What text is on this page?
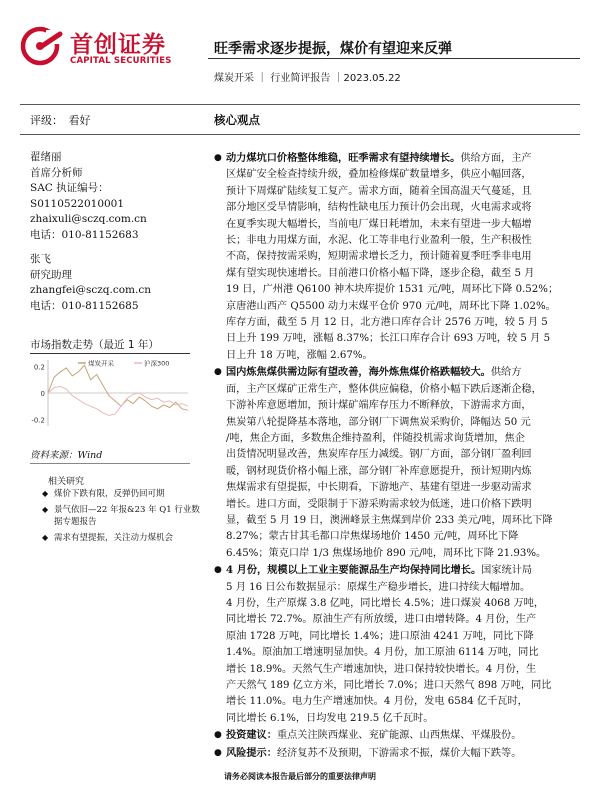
首创证券
CAPITAL SECURITIES
旺季需求逐步提振，煤价有望迎来反弹
煤炭开采 ｜ 行业简评报告 ｜2023.05.22
评级：　看好	核心观点
翟绪丽
首席分析师
SAC 执证编号：
S0110522010001
zhaixuli@sczq.com.cn
电话：010-81152683
张飞
研究助理
zhangfei@sczq.com.cn
电话：010-81152685
市场指数走势（最近 1 年）
0.2
0
-0.2
煤炭开采	沪深300
资料来源：Wind
相关研究
◆ 煤价下跌有限，反弹仍回可期
◆ 景气依旧—22 年报&23 年 Q1 行业数据专题报告
◆ 需求有望提振，关注动力煤机会
● 动力煤坑口价格整体维稳，旺季需求有望持续增长。供给方面，主产
区煤矿安全检查持续升级，叠加检修煤矿数量增多，供应小幅回落，
预计下周煤矿陆续复工复产。需求方面，随着全国高温天气蔓延，且
部分地区受旱情影响，结构性缺电压力预计仍会出现，火电需求或将
在夏季实现大幅增长，当前电厂煤日耗增加，未来有望进一步大幅增
长；非电力用煤方面，水泥、化工等非电行业盈利一般，生产积极性
不高，保持按需采购，短期需求增长乏力，预计随着夏季旺季非电用
煤有望实现快速增长。目前港口价格小幅下降，逐步企稳，截至 5 月
19 日，广州港 Q6100 神木块库提价 1531 元/吨，周环比下降 0.52%；
京唐港山西产 Q5500 动力末煤平仓价 970 元/吨，周环比下降 1.02%。
库存方面，截至 5 月 12 日，北方港口库存合计 2576 万吨，较 5 月 5
日上升 199 万吨，涨幅 8.37%；长江口库存合计 693 万吨，较 5 月 5
日上升 18 万吨，涨幅 2.67%。
● 国内炼焦煤供需边际有望改善，海外炼焦煤价格跌幅较大。供给方
面，主产区煤矿正常生产，整体供应偏稳，价格小幅下跌后逐渐企稳，
下游补库意愿增加，预计煤矿端库存压力不断释放，下游需求方面，
焦炭第八轮提降基本落地，部分钢厂下调焦炭采购价，降幅达 50 元
/吨，焦企方面，多数焦企维持盈利，伴随投机需求询货增加，焦企
出货情况明显改善，焦炭库存压力减缓。钢厂方面，部分钢厂盈利回
暖，钢材现货价格小幅上涨，部分钢厂补库意愿提升，预计短期内炼
焦煤需求有望提振，中长期看，下游地产、基建有望进一步驱动需求
增长。进口方面，受限制于下游采购需求较为低迷，进口价格下跌明
显，截至 5 月 19 日，澳洲峰景主焦煤到岸价 233 美元/吨，周环比下降
8.27%；蒙古甘其毛都口岸焦煤场地价 1450 元/吨，周环比下降
6.45%；策克口岸 1/3 焦煤场地价 890 元/吨，周环比下降 21.93%。
● 4 月份，规模以上工业主要能源品生产均保持同比增长。国家统计局
5 月 16 日公布数据显示：原煤生产稳步增长，进口持续大幅增加。
4 月份，生产原煤 3.8 亿吨，同比增长 4.5%；进口煤炭 4068 万吨，
同比增长 72.7%。原油生产有所放缓，进口由增转降。4 月份，生产
原油 1728 万吨，同比增长 1.4%；进口原油 4241 万吨，同比下降
1.4%。原油加工增速明显加快。4 月份，加工原油 6114 万吨，同比
增长 18.9%。天然气生产增速加快，进口保持较快增长。4 月份，生
产天然气 189 亿立方米，同比增长 7.0%；进口天然气 898 万吨，同比
增长 11.0%。电力生产增速加快。4 月份，发电 6584 亿千瓦时，
同比增长 6.1%，日均发电 219.5 亿千瓦时。
● 投资建议：重点关注陕西煤业、兖矿能源、山西焦煤、平煤股份。
● 风险提示：经济复苏不及预期，下游需求不振，煤价大幅下跌等。
请务必阅读本报告最后部分的重要法律声明
